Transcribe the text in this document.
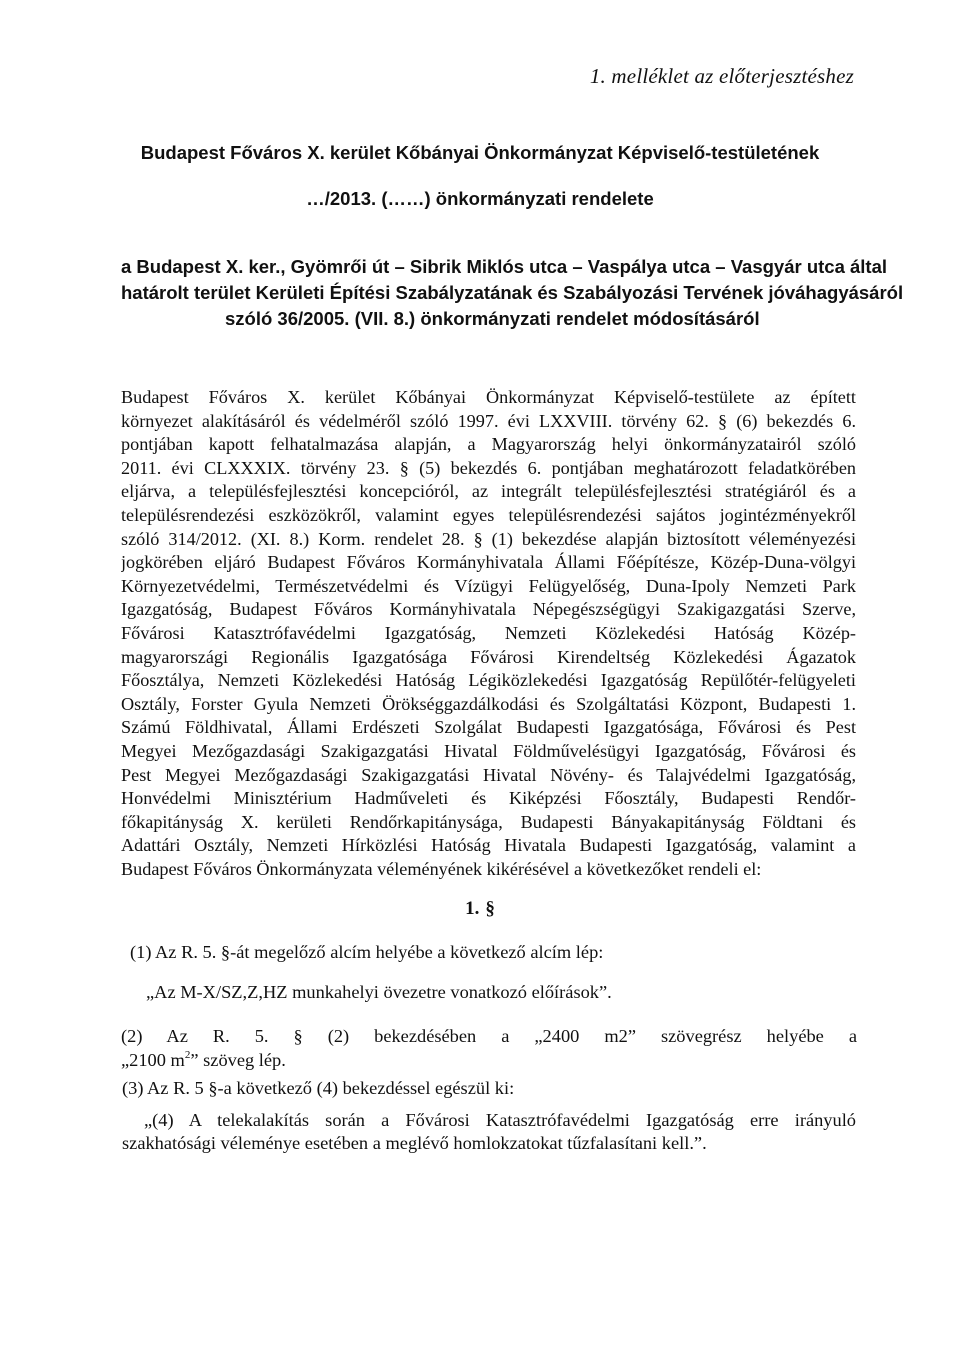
1. melléklet az előterjesztéshez
Budapest Főváros X. kerület Kőbányai Önkormányzat Képviselő-testületének
…/2013. (……) önkormányzati rendelete
a Budapest X. ker., Gyömrői út – Sibrik Miklós utca – Vaspálya utca – Vasgyár utca által
határolt terület Kerületi Építési Szabályzatának és Szabályozási Tervének jóváhagyásáról
szóló 36/2005. (VII. 8.) önkormányzati rendelet módosításáról
Budapest Főváros X. kerület Kőbányai Önkormányzat Képviselő-testülete az épített
környezet alakításáról és védelméről szóló 1997. évi LXXVIII. törvény 62. § (6) bekezdés 6.
pontjában kapott felhatalmazása alapján, a Magyarország helyi önkormányzatairól szóló
2011. évi CLXXXIX. törvény 23. § (5) bekezdés 6. pontjában meghatározott feladatkörében
eljárva, a településfejlesztési koncepcióról, az integrált településfejlesztési stratégiáról és a
településrendezési eszközökről, valamint egyes településrendezési sajátos jogintézményekről
szóló 314/2012. (XI. 8.) Korm. rendelet 28. § (1) bekezdése alapján biztosított véleményezési
jogkörében eljáró Budapest Főváros Kormányhivatala Állami Főépítésze, Közép-Duna-völgyi
Környezetvédelmi, Természetvédelmi és Vízügyi Felügyelőség, Duna-Ipoly Nemzeti Park
Igazgatóság, Budapest Főváros Kormányhivatala Népegészségügyi Szakigazgatási Szerve,
Fővárosi Katasztrófavédelmi Igazgatóság, Nemzeti Közlekedési Hatóság Közép-
magyarországi Regionális Igazgatósága Fővárosi Kirendeltség Közlekedési Ágazatok
Főosztálya, Nemzeti Közlekedési Hatóság Légiközlekedési Igazgatóság Repülőtér-felügyeleti
Osztály, Forster Gyula Nemzeti Örökséggazdálkodási és Szolgáltatási Központ, Budapesti 1.
Számú Földhivatal, Állami Erdészeti Szolgálat Budapesti Igazgatósága, Fővárosi és Pest
Megyei Mezőgazdasági Szakigazgatási Hivatal Földművelésügyi Igazgatóság, Fővárosi és
Pest Megyei Mezőgazdasági Szakigazgatási Hivatal Növény- és Talajvédelmi Igazgatóság,
Honvédelmi Minisztérium Hadműveleti és Kiképzési Főosztály, Budapesti Rendőr-
főkapitányság X. kerületi Rendőrkapitánysága, Budapesti Bányakapitányság Földtani és
Adattári Osztály, Nemzeti Hírközlési Hatóság Hivatala Budapesti Igazgatóság, valamint a
Budapest Főváros Önkormányzata véleményének kikérésével a következőket rendeli el:
1. §
(1) Az R. 5. §-át megelőző alcím helyébe a következő alcím lép:
„Az M-X/SZ,Z,HZ munkahelyi övezetre vonatkozó előírások”.
(2) Az R. 5. § (2) bekezdésében a „2400 m2” szövegrész helyébe a
„2100 $m^2$” szöveg lép.
(3) Az R. 5 §-a következő (4) bekezdéssel egészül ki:
„(4) A telekalakítás során a Fővárosi Katasztrófavédelmi Igazgatóság erre irányuló
szakhatósági véleménye esetében a meglévő homlokzatokat tűzfalasítani kell.”.
